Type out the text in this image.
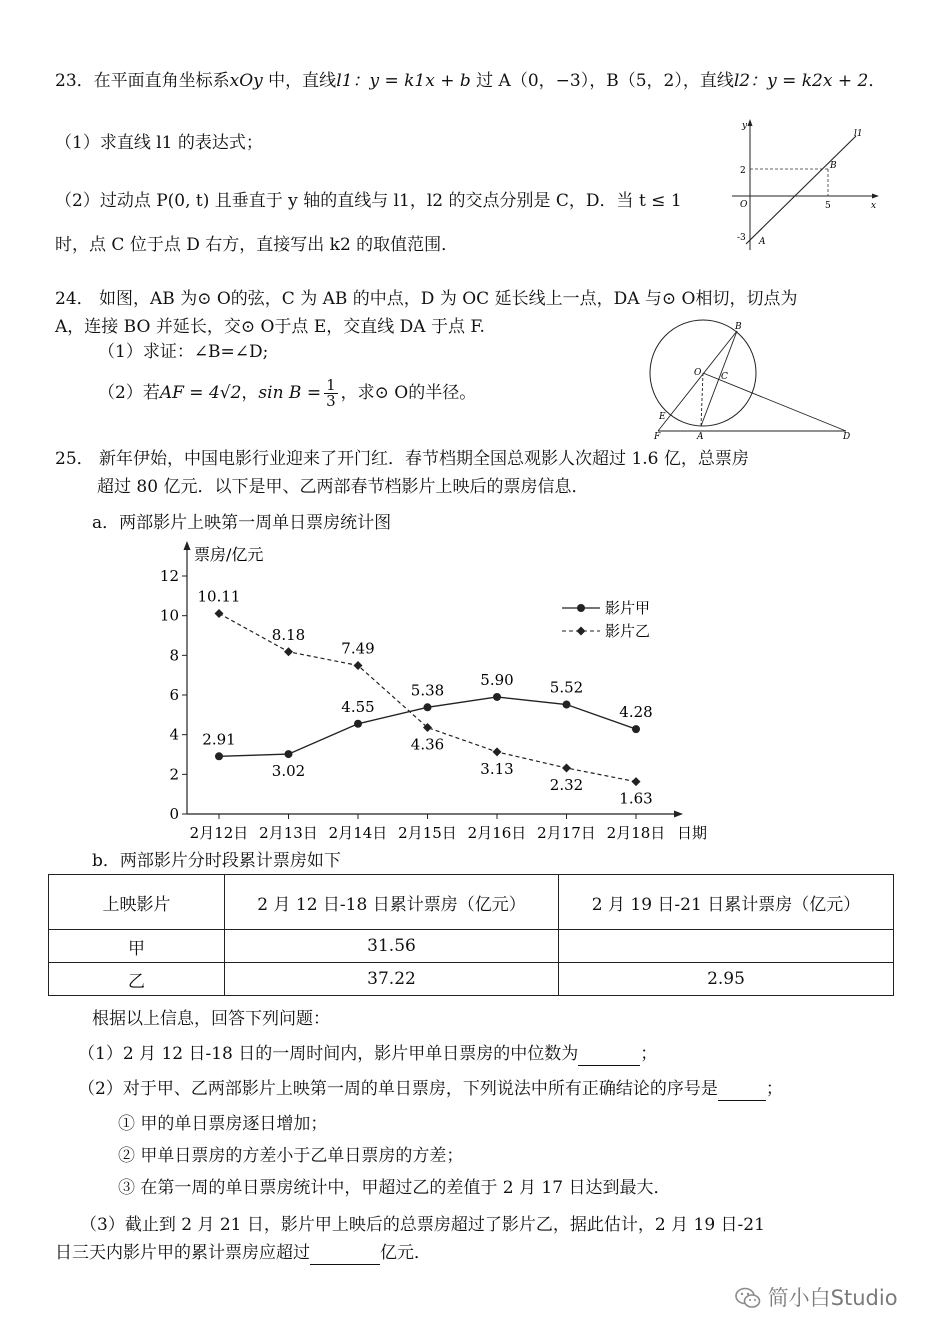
23．在平面直角坐标系xOy 中，直线l1：y = k1x + b 过 A（0，−3），B（5，2），直线l2：y = k2x + 2．
（1）求直线 l1 的表达式；
（2）过动点 P(0, t) 且垂直于 y 轴的直线与 l1，l2 的交点分别是 C，D．当 t ≤ 1
时，点 C 位于点 D 右方，直接写出 k2 的取值范围．
y
x
O
l1
2
5
-3
B
A
24． 如图，AB 为⊙ O的弦，C 为 AB 的中点，D 为 OC 延长线上一点，DA 与⊙ O相切，切点为
A，连接 BO 并延长，交⊙ O于点 E，交直线 DA 于点 F.
（1）求证：∠B=∠D;
（2）若AF = 4√2，$\sin B = \frac{1}{3}$ ，求⊙ O的半径。
B
O C
E
F	A	D
25． 新年伊始，中国电影行业迎来了开门红．春节档期全国总观影人次超过 1.6 亿，总票房
超过 80 亿元．以下是甲、乙两部春节档影片上映后的票房信息．
a．两部影片上映第一周单日票房统计图
票房/亿元
日期
0
2
4
6
8
10
12
2月12日 2月13日 2月14日 2月15日 2月16日 2月17日 2月18日
2.91
3.02
4.55
5.38
5.90 5.52
4.28
10.11
8.18
7.49
4.36
3.13
2.32
1.63
影片甲
影片乙
b．两部影片分时段累计票房如下
上映影片	2 月 12 日-18 日累计票房（亿元）	2 月 19 日-21 日累计票房（亿元）
甲	31.56	
乙	37.22	2.95
根据以上信息，回答下列问题：
（1）2 月 12 日-18 日的一周时间内，影片甲单日票房的中位数为	；
（2）对于甲、乙两部影片上映第一周的单日票房，下列说法中所有正确结论的序号是	；
① 甲的单日票房逐日增加；
② 甲单日票房的方差小于乙单日票房的方差；
③ 在第一周的单日票房统计中，甲超过乙的差值于 2 月 17 日达到最大．
（3）截止到 2 月 21 日，影片甲上映后的总票房超过了影片乙，据此估计，2 月 19 日-21
日三天内影片甲的累计票房应超过	亿元．
简小白Studio
